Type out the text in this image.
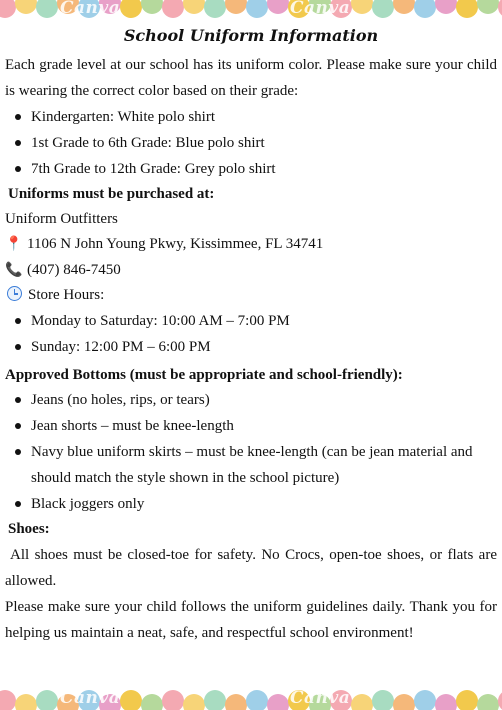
Canva	Canva
Canva	Canva
School Uniform Information
Each grade level at our school has its uniform color. Please make sure your child is wearing the correct color based on their grade:
Kindergarten: White polo shirt
1st Grade to 6th Grade: Blue polo shirt
7th Grade to 12th Grade: Grey polo shirt
Uniforms must be purchased at:
Uniform Outfitters
📍 1106 N John Young Pkwy, Kissimmee, FL 34741
📞 (407) 846-7450
Store Hours:
Monday to Saturday: 10:00 AM – 7:00 PM
Sunday: 12:00 PM – 6:00 PM
Approved Bottoms (must be appropriate and school-friendly):
Jeans (no holes, rips, or tears)
Jean shorts – must be knee-length
Navy blue uniform skirts – must be knee-length (can be jean material and should match the style shown in the school picture)
Black joggers only
Shoes:
All shoes must be closed-toe for safety. No Crocs, open-toe shoes, or flats are allowed.
Please make sure your child follows the uniform guidelines daily. Thank you for helping us maintain a neat, safe, and respectful school environment!
